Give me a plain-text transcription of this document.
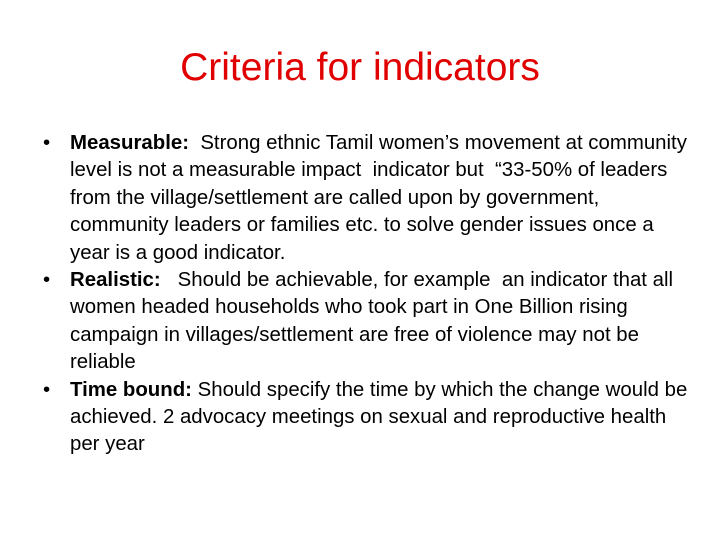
Criteria for indicators
• Measurable:  Strong ethnic Tamil women’s movement at community level is not a measurable impact  indicator but  “33-50% of leaders from the village/settlement are called upon by government, community leaders or families etc. to solve gender issues once a year is a good indicator.
• Realistic:   Should be achievable, for example  an indicator that all women headed households who took part in One Billion rising campaign in villages/settlement are free of violence may not be reliable
• Time bound: Should specify the time by which the change would be achieved. 2 advocacy meetings on sexual and reproductive health per year
